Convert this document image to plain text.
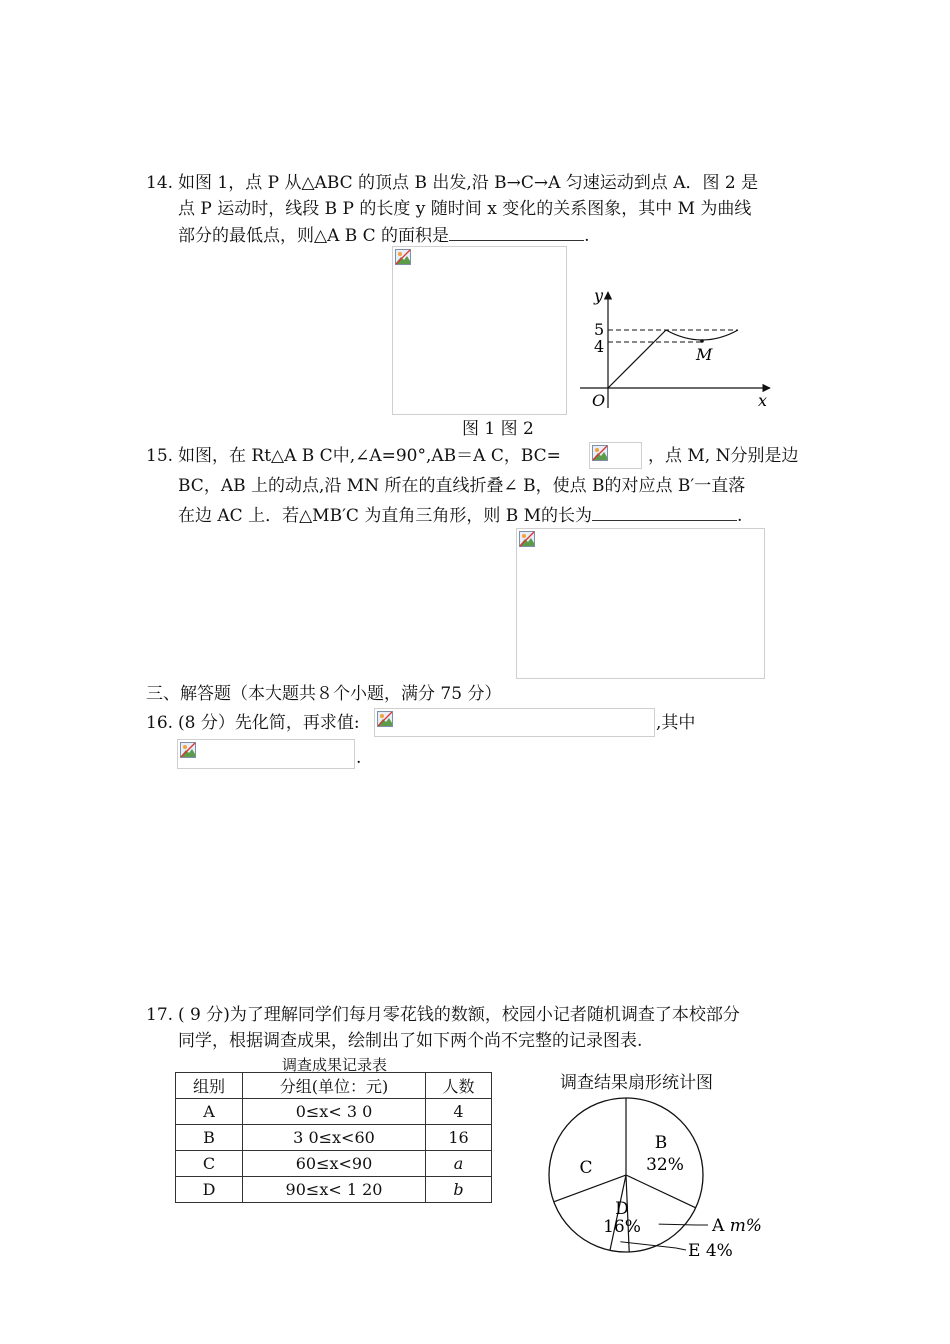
14. 如图 1，点 P 从△ABC 的顶点 B 出发,沿 B→C→A 匀速运动到点 A．图 2 是
点 P 运动时，线段 B P 的长度 y 随时间 x 变化的关系图象，其中 M 为曲线
部分的最低点，则△A B C 的面积是	.
y
x
O
5
4	M
图 1 图 2
15. 如图，在 Rt△A B C中,∠A=90°,AB＝A C，BC=	，点 M, N分别是边
BC，AB 上的动点,沿 MN 所在的直线折叠∠ B，使点 B的对应点 B′一直落
在边 AC 上．若△MB′C 为直角三角形，则 B M的长为	.
三、解答题（本大题共８个小题，满分 75 分）
16. (8 分）先化简，再求值:	,其中
.
17. ( 9 分)为了理解同学们每月零花钱的数额，校园小记者随机调查了本校部分
同学，根据调查成果，绘制出了如下两个尚不完整的记录图表.
调查成果记录表
组别	分组(单位：元)	人数
A	0≤x< 3 0	4
B	3 0≤x<60	16
C	60≤x<90	a
D	90≤x< 1 20	b
调查结果扇形统计图
B
32%
C
D
16%	A m%
E 4%
